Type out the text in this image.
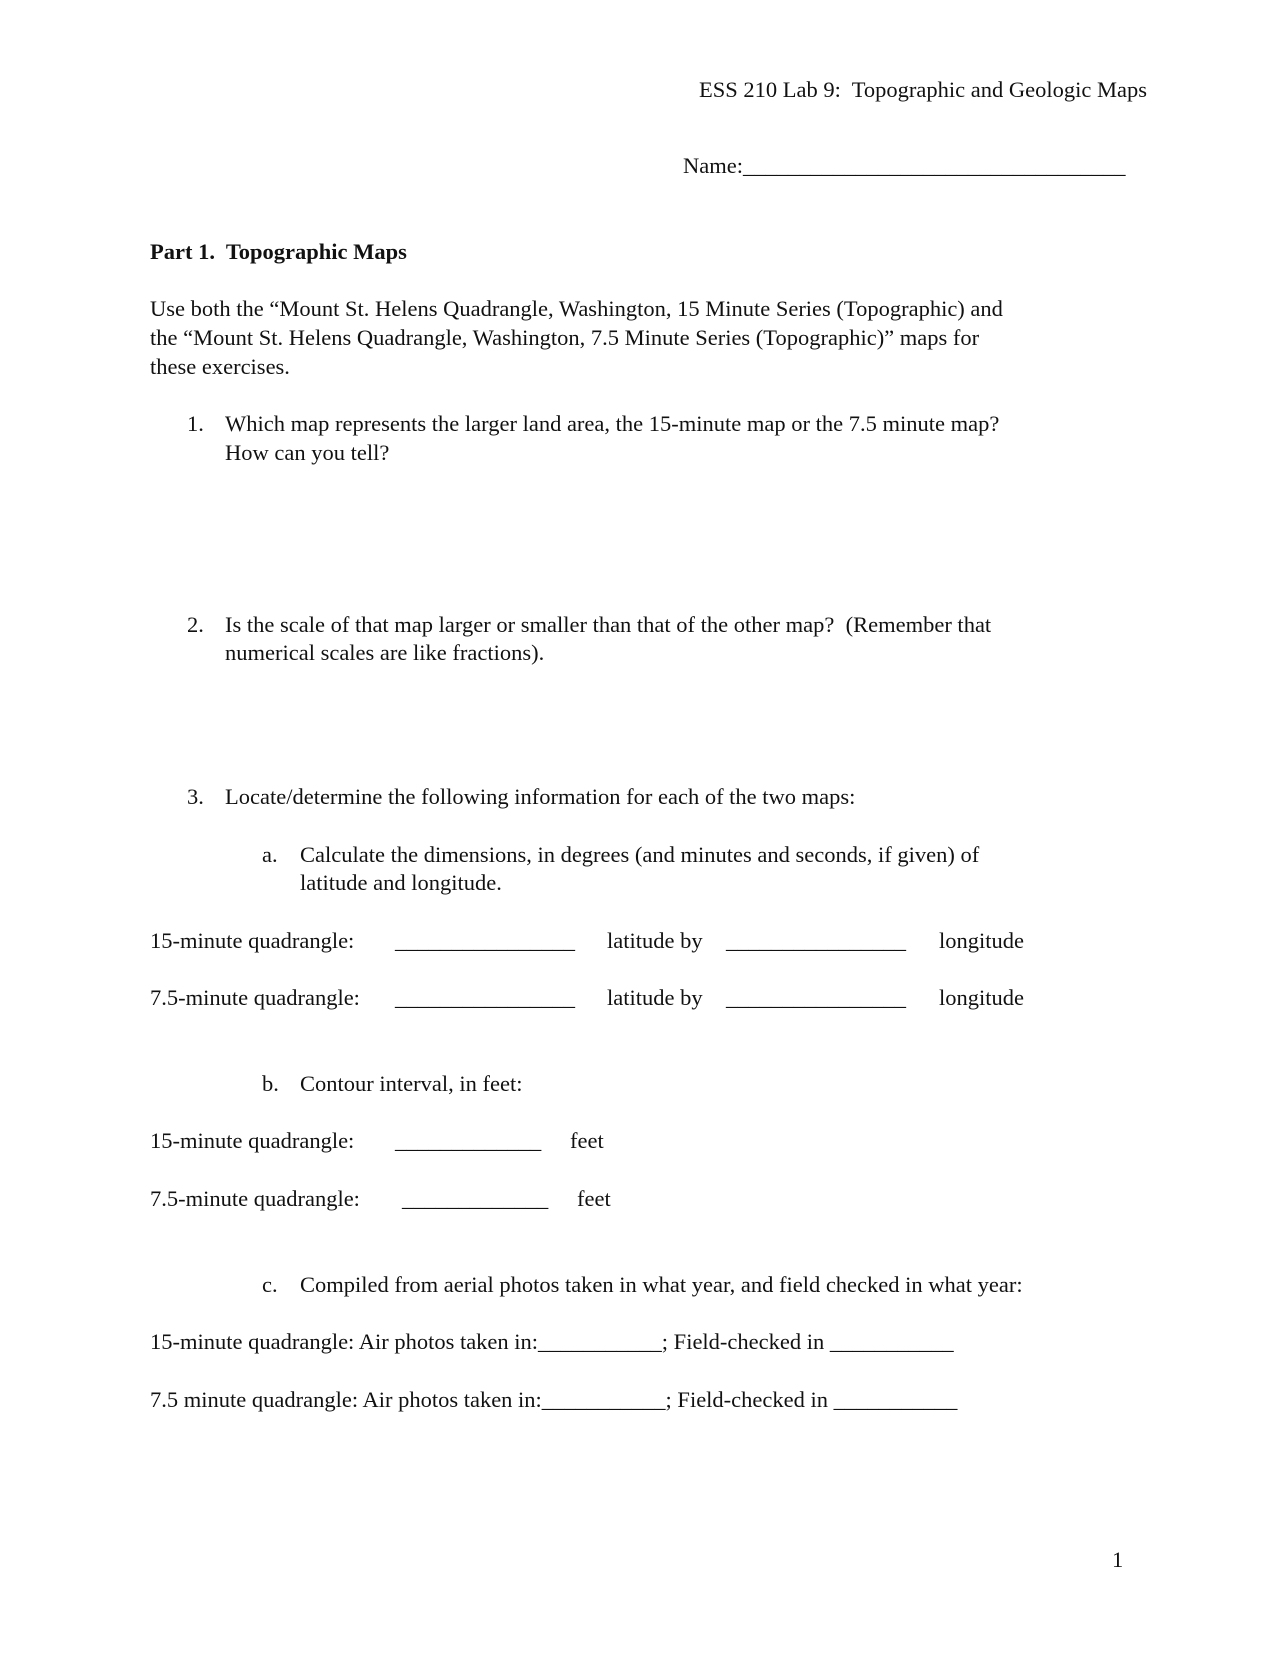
ESS 210 Lab 9:  Topographic and Geologic Maps
Name:__________________________________
Part 1.  Topographic Maps
Use both the “Mount St. Helens Quadrangle, Washington, 15 Minute Series (Topographic) and
the “Mount St. Helens Quadrangle, Washington, 7.5 Minute Series (Topographic)” maps for
these exercises.
1. Which map represents the larger land area, the 15-minute map or the 7.5 minute map?
How can you tell?
2. Is the scale of that map larger or smaller than that of the other map?  (Remember that
numerical scales are like fractions).
3. Locate/determine the following information for each of the two maps:
a. Calculate the dimensions, in degrees (and minutes and seconds, if given) of
latitude and longitude.
15-minute quadrangle: ________________ latitude by ________________ longitude
7.5-minute quadrangle: ________________ latitude by ________________ longitude
b. Contour interval, in feet:
15-minute quadrangle: _____________ feet
7.5-minute quadrangle: _____________ feet
c. Compiled from aerial photos taken in what year, and field checked in what year:
15-minute quadrangle: Air photos taken in:___________; Field-checked in ___________
7.5 minute quadrangle: Air photos taken in:___________; Field-checked in ___________
1
